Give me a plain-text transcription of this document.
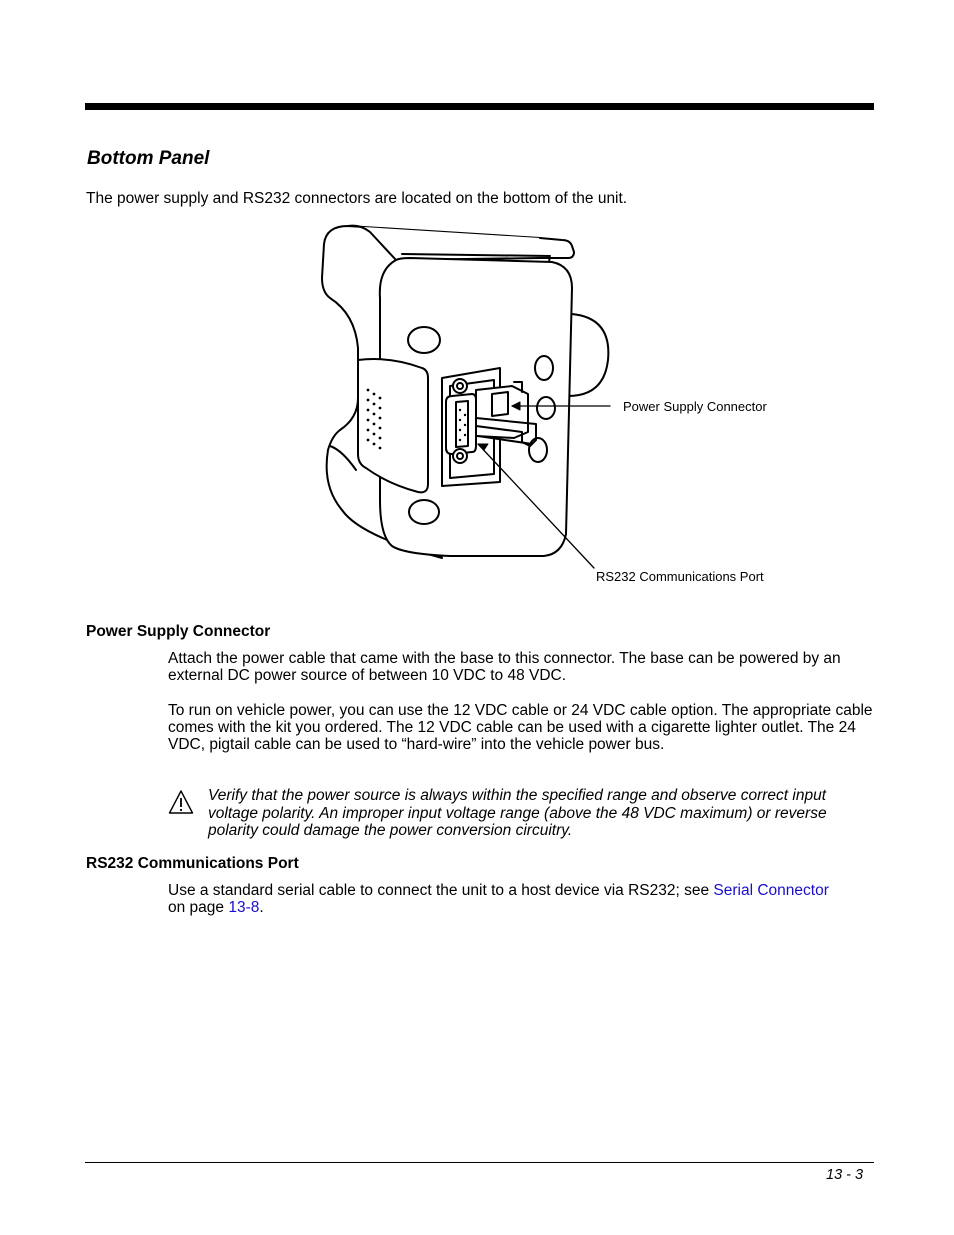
Bottom Panel

The power supply and RS232 connectors are located on the bottom of the unit.

Power Supply Connector
RS232 Communications Port
Power Supply Connector

Attach the power cable that came with the base to this connector. The base can be powered by an external DC power source of between 10 VDC to 48 VDC.

To run on vehicle power, you can use the 12 VDC cable or 24 VDC cable option. The appropriate cable comes with the kit you ordered. The 12 VDC cable can be used with a cigarette lighter outlet. The 24 VDC, pigtail cable can be used to “hard-wire” into the vehicle power bus.

Verify that the power source is always within the specified range and observe correct input voltage polarity. An improper input voltage range (above the 48 VDC maximum) or reverse polarity could damage the power conversion circuitry.

RS232 Communications Port

Use a standard serial cable to connect the unit to a host device via RS232; see Serial Connector on page 13-8.

13 - 3
